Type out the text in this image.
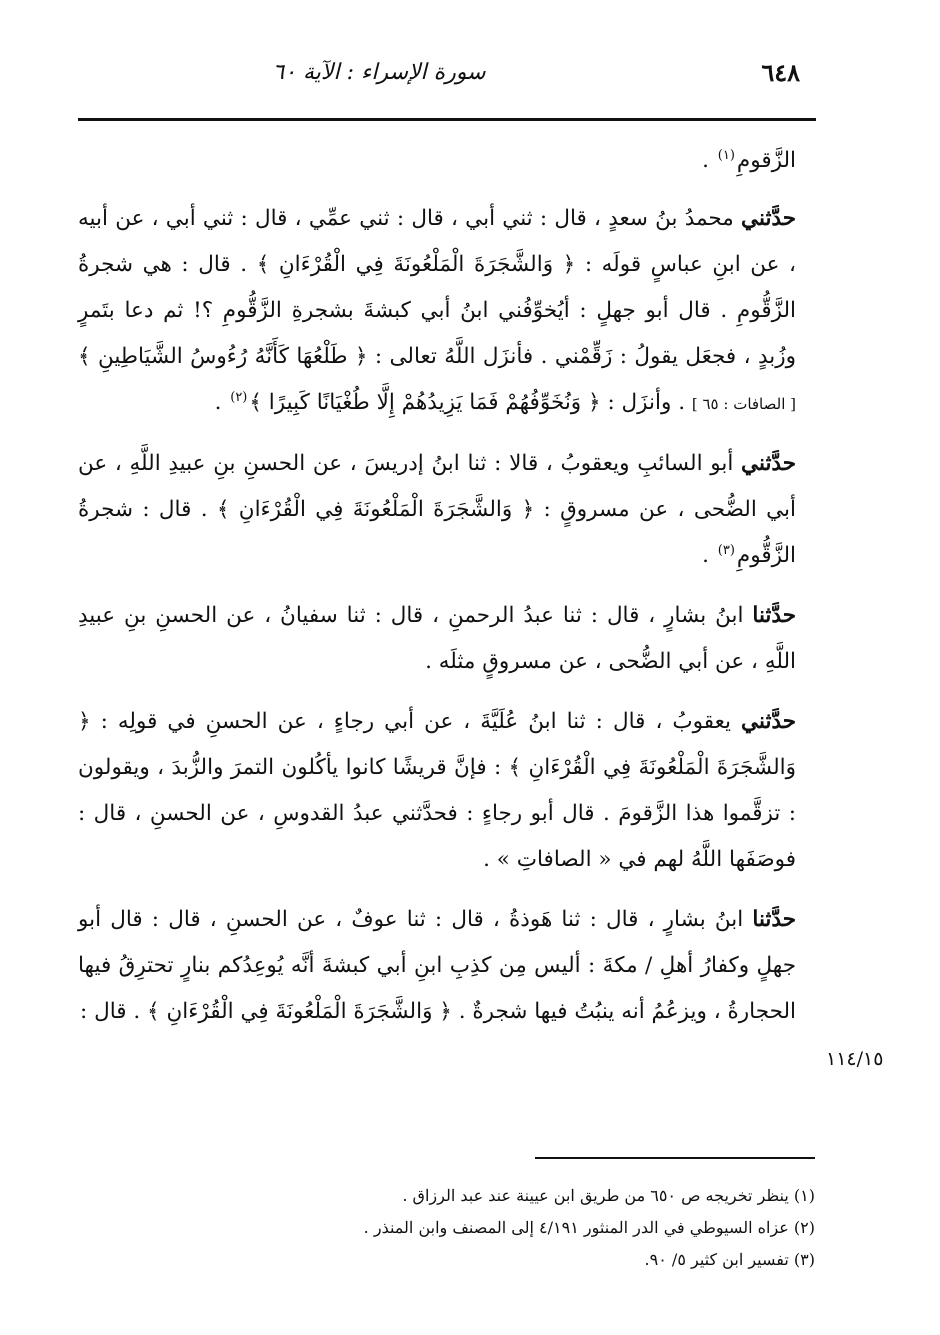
٦٤٨
سورة الإسراء : الآية ٦٠

الزَّقومِ$^{(١)}$ .

حدَّثني محمدُ بنُ سعدٍ ، قال : ثني أبي ، قال : ثني عمِّي ، قال : ثني أبي ، عن أبيه ، عن ابنِ عباسٍ قولَه : ﴿ وَالشَّجَرَةَ الْمَلْعُونَةَ فِي الْقُرْءَانِ ﴾ . قال : هي شجرةُ الزَّقُّومِ . قال أبو جهلٍ : أيُخوِّفُني ابنُ أبي كبشةَ بشجرةِ الزَّقُّومِ ؟! ثم دعا بتَمرٍ وزُبدٍ ، فجعَل يقولُ : زَقِّمْني . فأنزَل اللَّهُ تعالى : ﴿ طَلْعُهَا كَأَنَّهُ رُءُوسُ الشَّيَاطِينِ ﴾ [ الصافات : ٦٥ ] . وأنزَل : ﴿ وَنُخَوِّفُهُمْ فَمَا يَزِيدُهُمْ إِلَّا طُغْيَانًا كَبِيرًا ﴾$^{(٢)}$ .

حدَّثني أبو السائبِ ويعقوبُ ، قالا : ثنا ابنُ إدريسَ ، عن الحسنِ بنِ عبيدِ اللَّهِ ، عن أبي الضُّحى ، عن مسروقٍ : ﴿ وَالشَّجَرَةَ الْمَلْعُونَةَ فِي الْقُرْءَانِ ﴾ . قال : شجرةُ الزَّقُّومِ$^{(٣)}$ .

حدَّثنا ابنُ بشارٍ ، قال : ثنا عبدُ الرحمنِ ، قال : ثنا سفيانُ ، عن الحسنِ بنِ عبيدِ اللَّهِ ، عن أبي الضُّحى ، عن مسروقٍ مثلَه .

حدَّثني يعقوبُ ، قال : ثنا ابنُ عُلَيَّةَ ، عن أبي رجاءٍ ، عن الحسنِ في قولِه : ﴿ وَالشَّجَرَةَ الْمَلْعُونَةَ فِي الْقُرْءَانِ ﴾ : فإنَّ قريشًا كانوا يأكُلون التمرَ والزُّبدَ ، ويقولون : تزقَّموا هذا الزَّقومَ . قال أبو رجاءٍ : فحدَّثني عبدُ القدوسِ ، عن الحسنِ ، قال : فوصَفَها اللَّهُ لهم في « الصافاتِ » .

حدَّثنا ابنُ بشارٍ ، قال : ثنا هَوذةُ ، قال : ثنا عوفٌ ، عن الحسنِ ، قال : قال أبو جهلٍ وكفارُ أهلِ / مكةَ : أليس مِن كذِبِ ابنِ أبي كبشةَ أنَّه يُوعِدُكم بنارٍ تحترِقُ فيها الحجارةُ ، ويزعُمُ أنه ينبُتُ فيها شجرةٌ . ﴿ وَالشَّجَرَةَ الْمَلْعُونَةَ فِي الْقُرْءَانِ ﴾ . قال :

١١٤/١٥
(١) ينظر تخريجه ص ٦٥٠ من طريق ابن عيينة عند عبد الرزاق .
(٢) عزاه السيوطي في الدر المنثور ٤/١٩١ إلى المصنف وابن المنذر .
(٣) تفسير ابن كثير ٥/ ٩٠.
